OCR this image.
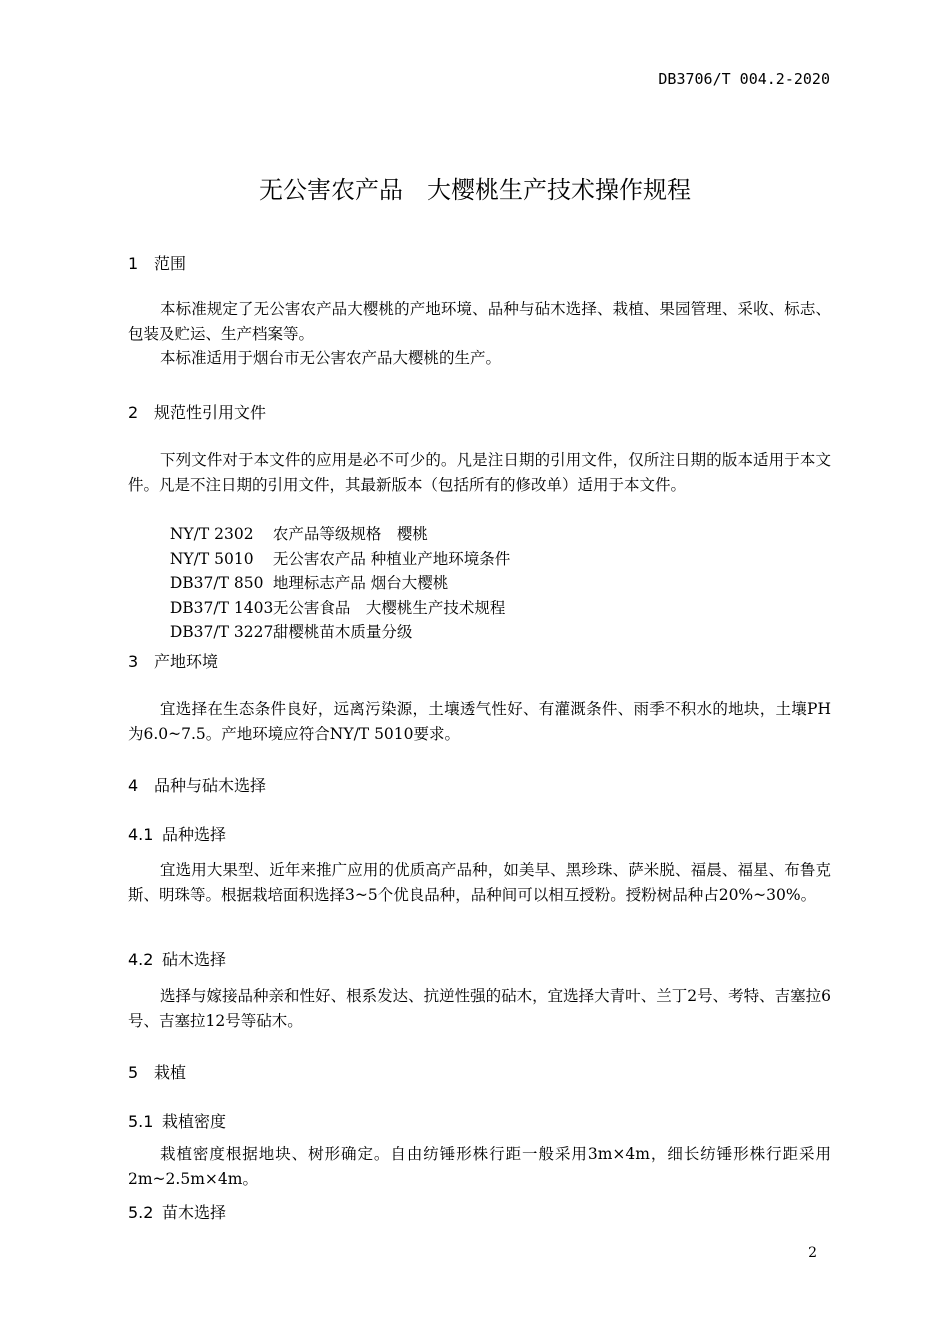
DB3706/T 004.2-2020
无公害农产品　大樱桃生产技术操作规程
1 范围

本标准规定了无公害农产品大樱桃的产地环境、品种与砧木选择、栽植、果园管理、采收、标志、包装及贮运、生产档案等。

本标准适用于烟台市无公害农产品大樱桃的生产。

2 规范性引用文件

下列文件对于本文件的应用是必不可少的。凡是注日期的引用文件，仅所注日期的版本适用于本文件。凡是不注日期的引用文件，其最新版本（包括所有的修改单）适用于本文件。

NY/T 2302 农产品等级规格　樱桃

NY/T 5010 无公害农产品 种植业产地环境条件

DB37/T 850 地理标志产品 烟台大樱桃

DB37/T 1403无公害食品　大樱桃生产技术规程

DB37/T 3227甜樱桃苗木质量分级

3 产地环境

宜选择在生态条件良好，远离污染源，土壤透气性好、有灌溉条件、雨季不积水的地块，土壤PH为6.0~7.5。产地环境应符合NY/T 5010要求。

4 品种与砧木选择
4.1 品种选择

宜选用大果型、近年来推广应用的优质高产品种，如美早、黑珍珠、萨米脱、福晨、福星、布鲁克斯、明珠等。根据栽培面积选择3~5个优良品种，品种间可以相互授粉。授粉树品种占20%~30%。

4.2 砧木选择

选择与嫁接品种亲和性好、根系发达、抗逆性强的砧木，宜选择大青叶、兰丁2号、考特、吉塞拉6号、吉塞拉12号等砧木。

5 栽植
5.1 栽植密度

栽植密度根据地块、树形确定。自由纺锤形株行距一般采用3m×4m，细长纺锤形株行距采用2m~2.5m×4m。

5.2 苗木选择
2
